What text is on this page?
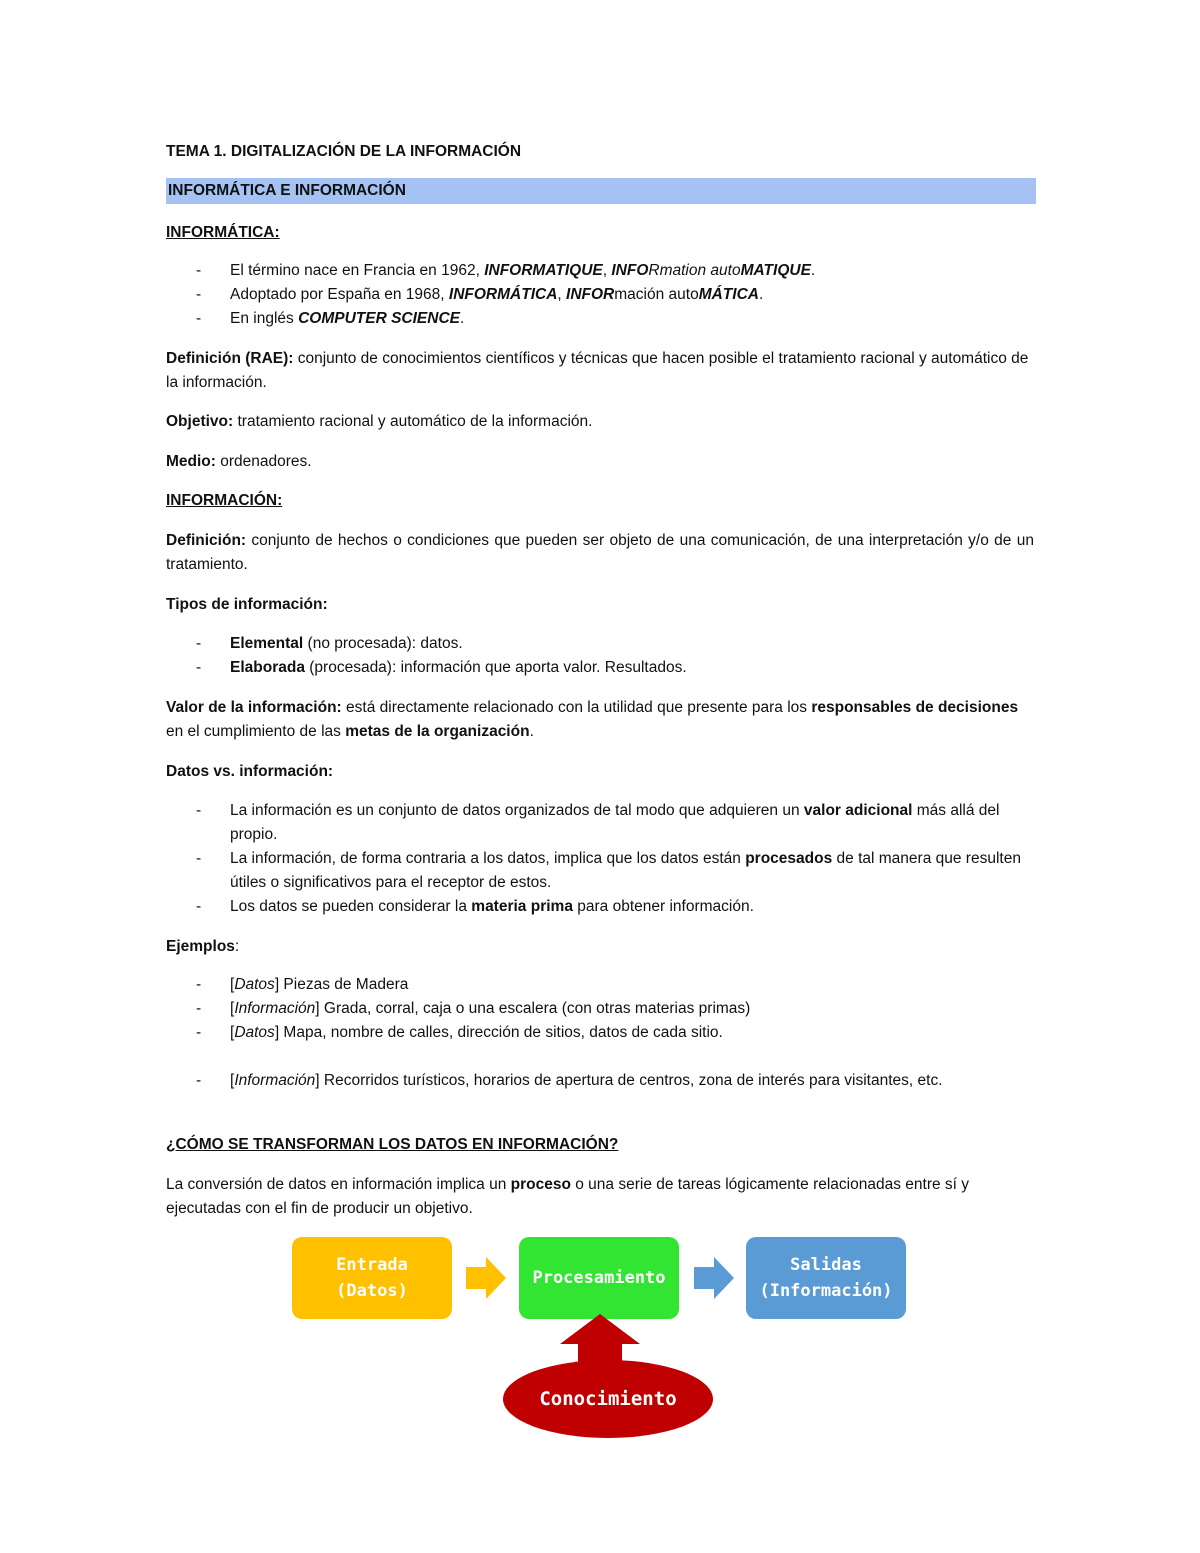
TEMA 1. DIGITALIZACIÓN DE LA INFORMACIÓN
INFORMÁTICA E INFORMACIÓN
INFORMÁTICA:
- El término nace en Francia en 1962, INFORMATIQUE, INFORmation autoMATIQUE.
- Adoptado por España en 1968, INFORMÁTICA, INFORmación autoMÁTICA.
- En inglés COMPUTER SCIENCE.
Definición (RAE): conjunto de conocimientos científicos y técnicas que hacen posible el tratamiento racional y automático de la información.
Objetivo: tratamiento racional y automático de la información.
Medio: ordenadores.
INFORMACIÓN:
Definición: conjunto de hechos o condiciones que pueden ser objeto de una comunicación, de una interpretación y/o de un tratamiento.
Tipos de información:
- Elemental (no procesada): datos.
- Elaborada (procesada): información que aporta valor. Resultados.
Valor de la información: está directamente relacionado con la utilidad que presente para los responsables de decisiones en el cumplimiento de las metas de la organización.
Datos vs. información:
- La información es un conjunto de datos organizados de tal modo que adquieren un valor adicional más allá del propio.
- La información, de forma contraria a los datos, implica que los datos están procesados de tal manera que resulten útiles o significativos para el receptor de estos.
- Los datos se pueden considerar la materia prima para obtener información.
Ejemplos:
- [Datos] Piezas de Madera
- [Información] Grada, corral, caja o una escalera (con otras materias primas)
- [Datos] Mapa, nombre de calles, dirección de sitios, datos de cada sitio.
- [Información] Recorridos turísticos, horarios de apertura de centros, zona de interés para visitantes, etc.
¿CÓMO SE TRANSFORMAN LOS DATOS EN INFORMACIÓN?
La conversión de datos en información implica un proceso o una serie de tareas lógicamente relacionadas entre sí y ejecutadas con el fin de producir un objetivo.
Entrada
(Datos)
Procesamiento
Salidas
(Información)
Conocimiento
